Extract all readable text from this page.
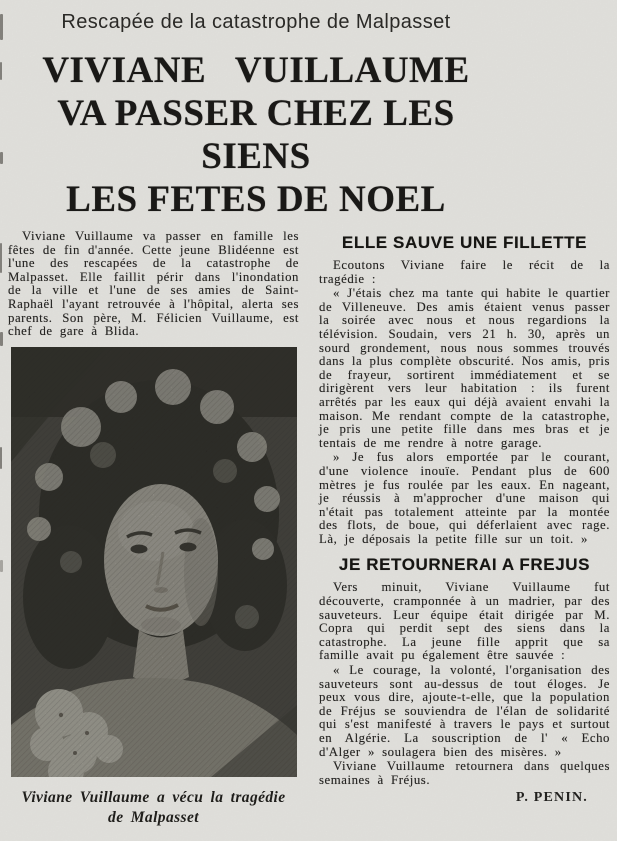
Rescapée de la catastrophe de Malpasset
VIVIANE  VUILLAUME
VA PASSER CHEZ LES SIENS
LES FETES DE NOEL

Viviane Vuillaume va passer en famille les fêtes de fin d'année. Cette jeune Blidéenne est l'une des rescapées de la catastrophe de Malpasset. Elle faillit périr dans l'inondation de la ville et l'une de ses amies de Saint-Raphaël l'ayant retrouvée à l'hôpital, alerta ses parents. Son père, M. Félicien Vuillaume, est chef de gare à Blida.

Viviane Vuillaume a vécu la tragédie
de Malpasset
ELLE SAUVE UNE FILLETTE

Ecoutons Viviane faire le récit de la tragédie :

« J'étais chez ma tante qui habite le quartier de Villeneuve. Des amis étaient venus passer la soirée avec nous et nous regardions la télévision. Soudain, vers 21 h. 30, après un sourd grondement, nous nous sommes trouvés dans la plus complète obscurité. Nos amis, pris de frayeur, sortirent immédiatement et se dirigèrent vers leur habitation : ils furent arrêtés par les eaux qui déjà avaient envahi la maison. Me rendant compte de la catastrophe, je pris une petite fille dans mes bras et je tentais de me rendre à notre garage.

» Je fus alors emportée par le courant, d'une violence inouïe. Pendant plus de 600 mètres je fus roulée par les eaux. En nageant, je réussis à m'approcher d'une maison qui n'était pas totalement atteinte par la montée des flots, de boue, qui déferlaient avec rage. Là, je déposais la petite fille sur un toit. »

JE RETOURNERAI A FREJUS

Vers minuit, Viviane Vuillaume fut découverte, cramponnée à un madrier, par des sauveteurs. Leur équipe était dirigée par M. Copra qui perdit sept des siens dans la catastrophe. La jeune fille apprit que sa famille avait pu également être sauvée :

« Le courage, la volonté, l'organisation des sauveteurs sont au-dessus de tout éloges. Je peux vous dire, ajoute-t-elle, que la population de Fréjus se souviendra de l'élan de solidarité qui s'est manifesté à travers le pays et surtout en Algérie. La souscription de l' « Echo d'Alger » soulagera bien des misères. »

Viviane Vuillaume retournera dans quelques semaines à Fréjus.

P. PENIN.
